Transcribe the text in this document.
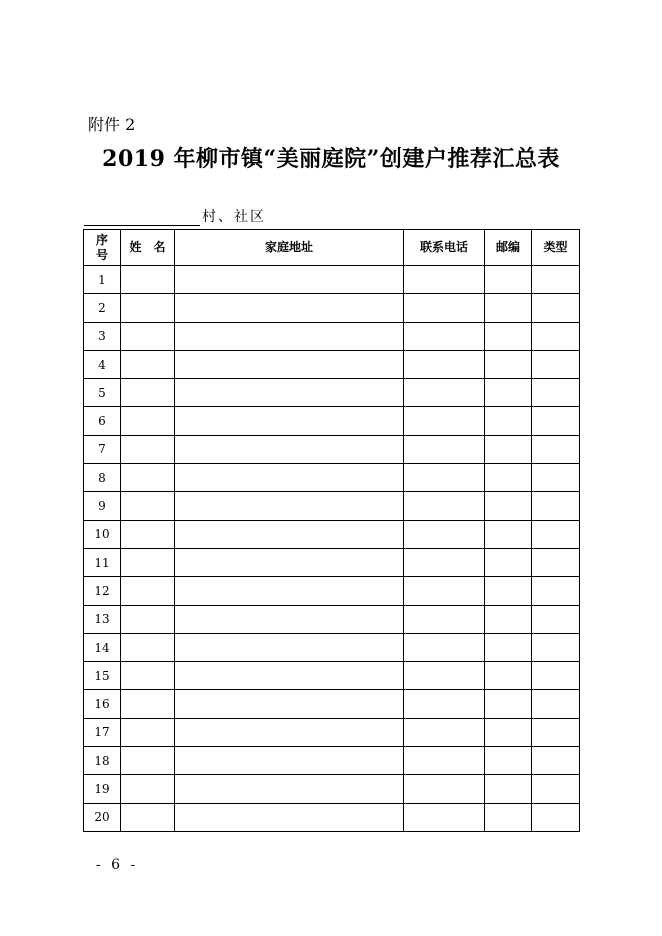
附件 2
2019 年柳市镇“美丽庭院”创建户推荐汇总表
村、社区
序号	姓　名	家庭地址	联系电话	邮编	类型
1					
2					
3					
4					
5					
6					
7					
8					
9					
10					
11					
12					
13					
14					
15					
16					
17					
18					
19					
20					
- 6 -
